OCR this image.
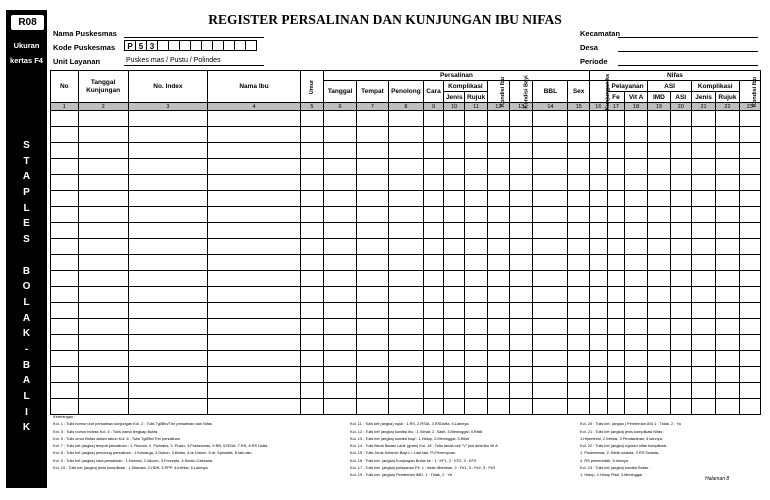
R08
Ukuran
kertas F4
S
T
A
P
L
E
S
B
O
L
A
K
-
B
A
L
I
K
REGISTER PERSALINAN DAN KUNJUNGAN IBU NIFAS
Nama Puskesmas
Kode Puskesmas	P 5 3
Unit Layanan	Puskes mas / Pustu / Polindes
Kecamatan
Desa
Periode
No	Tanggal Kunjungan	No. Index	Nama Ibu	Umur	Persalinan										Nifas							
					Tanggal	Tempat	Penolong	Cara	Komplikasi		Kondisi Ibu	Kondisi Bayi	BBL	Sex	Kunjungan ke	Pelayanan		ASI		Komplikasi		Kondisi Ibu
									Jenis	Rujuk						Fe	Vit A	IMD	ASI	Jenis	Rujuk	
1	2	3	4	5	6	7	8	9	10	11	12	13	14	15	16	17	18	19	20	21	22	23

Keterangan :
Kol. 1 : Tulis nomor urut persalinan kunjungan Kol. 2 : Tulis Tgl/Bln/Thn persalinan dan Nifas
Kol. 3 : Tulis nomor indeks Kol. 4 : Tulis nama lengkap Bufas
Kol. 5 : Tulis umur Bufas dalam tahun Kol. 6 : Tulis Tgl/Bln/Thn persalinan
Kol. 7 : Tulis ket (angka) tempat persalinan : 1. Rumah, 2. Polindes, 3. Pustu, 4.Puskesmas, 5.RB, 6.RSIA, 7.RS, 8.RS Dsfta
Kol. 8 : Tulis ket (angka) penolong persalinan : 1.Keluarga, 2.Dukun, 3.Bidan, 4.dr Umum, 5.dr. Spesialis, 6.lain-lain.
Kol. 9 : Tulis ket (angka) cara persalinan : 1.Normal, 2.Vacum, 3.Forcepts, 4.Sectio Caesaria
Kol. 10 : Tulis ket (angka) jenis komplikasi : 1.Distosia, 2.HDK, 3.PPP, 4.Infeksi, 5.Lainnya.

Kol. 11 : Tulis ket (angka) rujuk : 1.RS, 2.RSIA, 3.RSDsfta, 4.Lainnya.
Kol. 12 : Tulis ket (angka) kondisi ibu : 1.Sehat, 2. Sakit, 3.Meninggal, 4.Riisti
Kol. 13 : Tulis ket (angka) kondisi bayi : 1.Hidup, 2.Meninggal, 3.Riisti
Kol. 14 : Tulis Berat Badan Lahir (gram) Kol. 18 : Tulis tanda cek "V" jika diberika Vit A
Kol. 15 : Tulis Jenis Kelamin Bayi L= Laki-laki, P=Perempuan
Kol. 16 : Tulis ket. (angka) Kunjungan Bufas ke : 1 : KF1, 2 : KF2, 3 : KF3
Kol. 17 : Tulis ket. (angka) pelayanan Fe; 1 : tidak diberikan, 2 : Fe1, 3 : Fe2, 3 : Fe3
Kol. 19 : Tulis ket. (angka) Pemberian IMD, 1 : Tidak, 2 : Ya

Kol. 20 : Tulis ket. (angka ) Pemberian ASI 1 : Tidak, 2 : Ya
Kol. 21 : Tulis ket (angka) jenis komplikasi Nifas :
1.Hipertensi, 2 Infeksi, 3 Pendarahan, 4 lainnya.
Kol. 22 : Tulis ket (angka) rujukan nifas komplikasi :
1. Puskesmas, 2. Klinik swasta, 3 RS Swasta,
4. RS pemerintah, 5 lainnya
Kol. 23 : Tulis ket (angka) kondisi Bufas :
1. Hidup, 2.Hidup Risti, 3.Meninggal
Halaman 8
